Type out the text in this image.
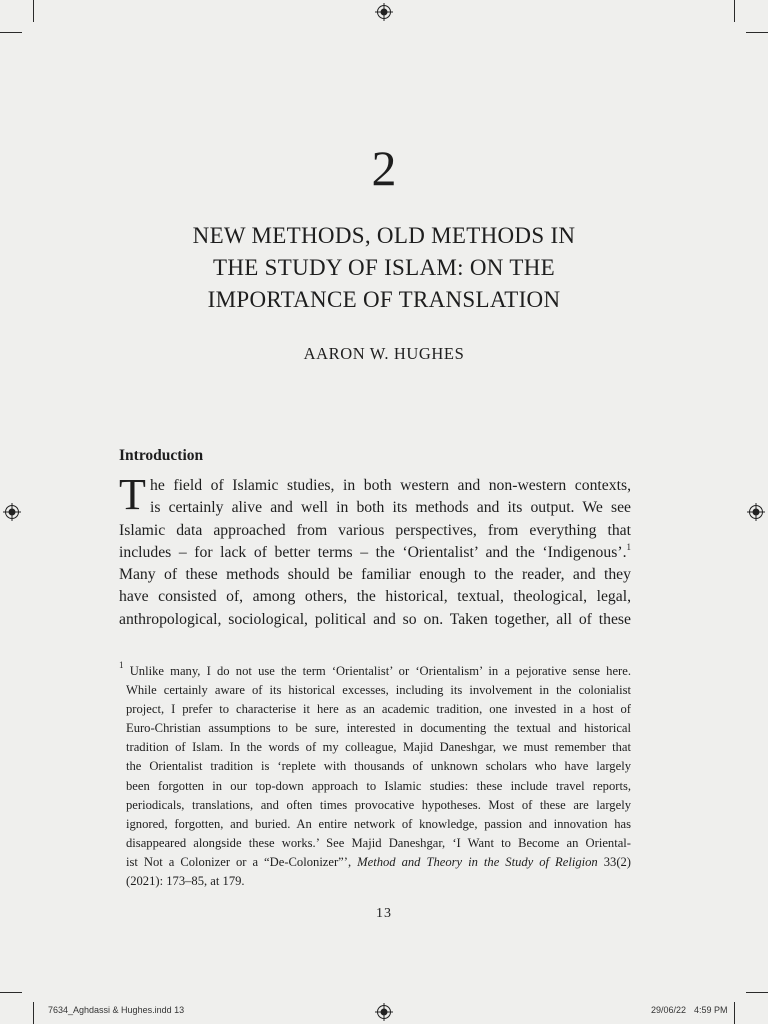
2
NEW METHODS, OLD METHODS IN
THE STUDY OF ISLAM: ON THE
IMPORTANCE OF TRANSLATION
AARON W. HUGHES
Introduction
T he field of Islamic studies, in both western and non-western contexts,
is certainly alive and well in both its methods and its output. We see
Islamic data approached from various perspectives, from everything that
includes – for lack of better terms – the ‘Orientalist’ and the ‘Indigenous’.$^1$
Many of these methods should be familiar enough to the reader, and they
have consisted of, among others, the historical, textual, theological, legal,
anthropological, sociological, political and so on. Taken together, all of these
$^1$ Unlike many, I do not use the term ‘Orientalist’ or ‘Orientalism’ in a pejorative sense here.
While certainly aware of its historical excesses, including its involvement in the colonialist
project, I prefer to characterise it here as an academic tradition, one invested in a host of
Euro-Christian assumptions to be sure, interested in documenting the textual and historical
tradition of Islam. In the words of my colleague, Majid Daneshgar, we must remember that
the Orientalist tradition is ‘replete with thousands of unknown scholars who have largely
been forgotten in our top-down approach to Islamic studies: these include travel reports,
periodicals, translations, and often times provocative hypotheses. Most of these are largely
ignored, forgotten, and buried. An entire network of knowledge, passion and innovation has
disappeared alongside these works.’ See Majid Daneshgar, ‘I Want to Become an Oriental-
ist Not a Colonizer or a “De-Colonizer”’, Method and Theory in the Study of Religion 33(2)
(2021): 173–85, at 179.
13
7634_Aghdassi & Hughes.indd 13	29/06/22 4:59 PM
